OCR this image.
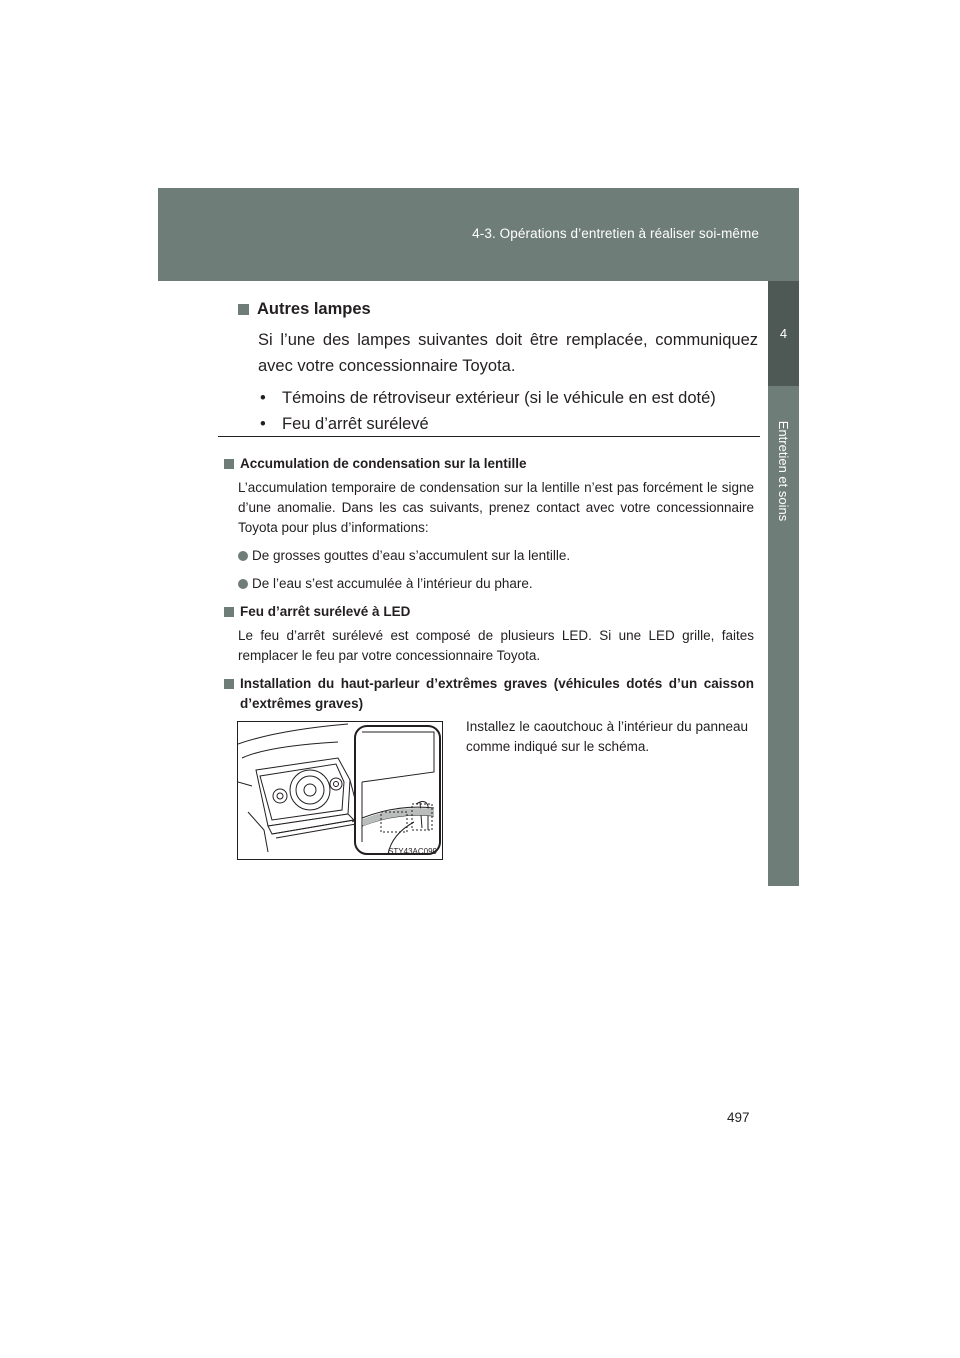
4-3. Opérations d’entretien à réaliser soi-même
4
Entretien et soins
Autres lampes

Si l’une des lampes suivantes doit être remplacée, communiquez avec votre concessionnaire Toyota.

• Témoins de rétroviseur extérieur (si le véhicule en est doté)
• Feu d’arrêt surélevé
Accumulation de condensation sur la lentille

L’accumulation temporaire de condensation sur la lentille n’est pas forcément le signe d’une anomalie. Dans les cas suivants, prenez contact avec votre concessionnaire Toyota pour plus d’informations:

De grosses gouttes d’eau s’accumulent sur la lentille.
De l’eau s’est accumulée à l’intérieur du phare.
Feu d’arrêt surélevé à LED

Le feu d’arrêt surélevé est composé de plusieurs LED. Si une LED grille, faites remplacer le feu par votre concessionnaire Toyota.

Installation du haut-parleur d’extrêmes graves (véhicules dotés d’un caisson d’extrêmes graves)
STY43AC099

Installez le caoutchouc à l’intérieur du panneau comme indiqué sur le schéma.

497
